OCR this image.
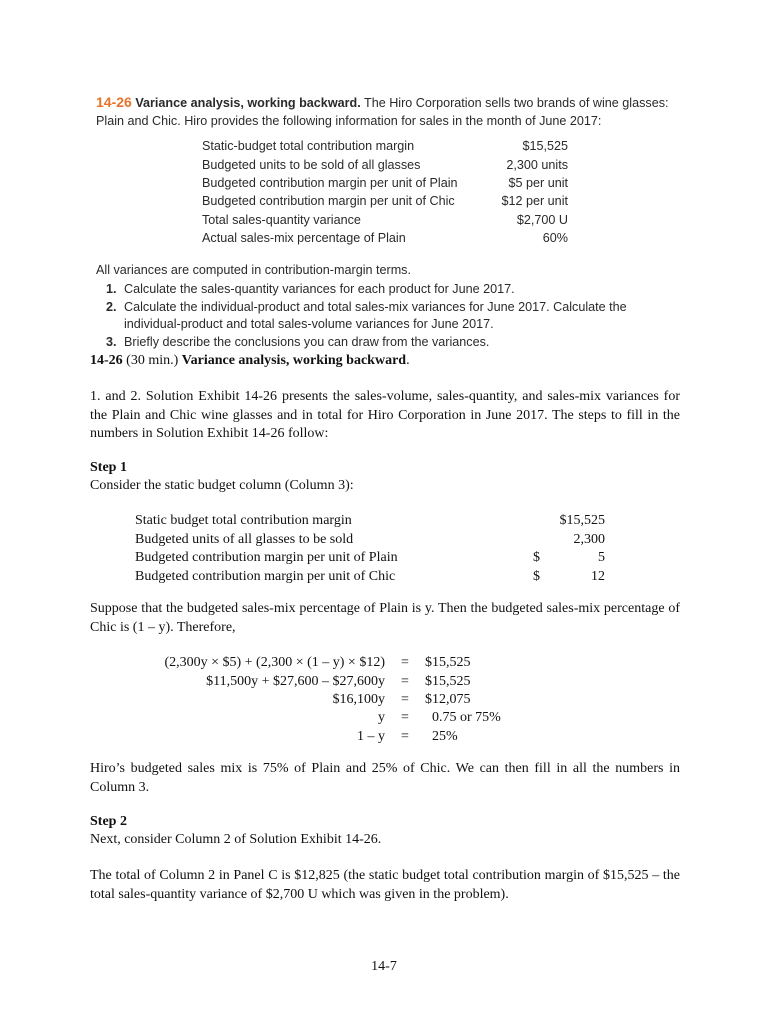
14-26 Variance analysis, working backward. The Hiro Corporation sells two brands of wine glasses: Plain and Chic. Hiro provides the following information for sales in the month of June 2017:

Static-budget total contribution margin	$15,525
Budgeted units to be sold of all glasses	2,300 units
Budgeted contribution margin per unit of Plain	$5 per unit
Budgeted contribution margin per unit of Chic	$12 per unit
Total sales-quantity variance	$2,700 U
Actual sales-mix percentage of Plain	60%

All variances are computed in contribution-margin terms.

1. Calculate the sales-quantity variances for each product for June 2017.
2. Calculate the individual-product and total sales-mix variances for June 2017. Calculate the individual-product and total sales-volume variances for June 2017.
3. Briefly describe the conclusions you can draw from the variances.

14-26 (30 min.) Variance analysis, working backward.

1. and 2. Solution Exhibit 14-26 presents the sales-volume, sales-quantity, and sales-mix variances for the Plain and Chic wine glasses and in total for Hiro Corporation in June 2017. The steps to fill in the numbers in Solution Exhibit 14-26 follow:

Step 1

Consider the static budget column (Column 3):

Static budget total contribution margin		$15,525
Budgeted units of all glasses to be sold		2,300
Budgeted contribution margin per unit of Plain	$	5
Budgeted contribution margin per unit of Chic	$	12

Suppose that the budgeted sales-mix percentage of Plain is y. Then the budgeted sales-mix percentage of Chic is (1 – y). Therefore,

(2,300y × $5) + (2,300 × (1 – y) × $12)	=	$15,525
$11,500y + $27,600 – $27,600y	=	$15,525
$16,100y	=	$12,075
y	=	0.75 or 75%
1 – y	=	25%

Hiro’s budgeted sales mix is 75% of Plain and 25% of Chic. We can then fill in all the numbers in Column 3.

Step 2

Next, consider Column 2 of Solution Exhibit 14-26.

The total of Column 2 in Panel C is $12,825 (the static budget total contribution margin of $15,525 – the total sales-quantity variance of $2,700 U which was given in the problem).

14-7
